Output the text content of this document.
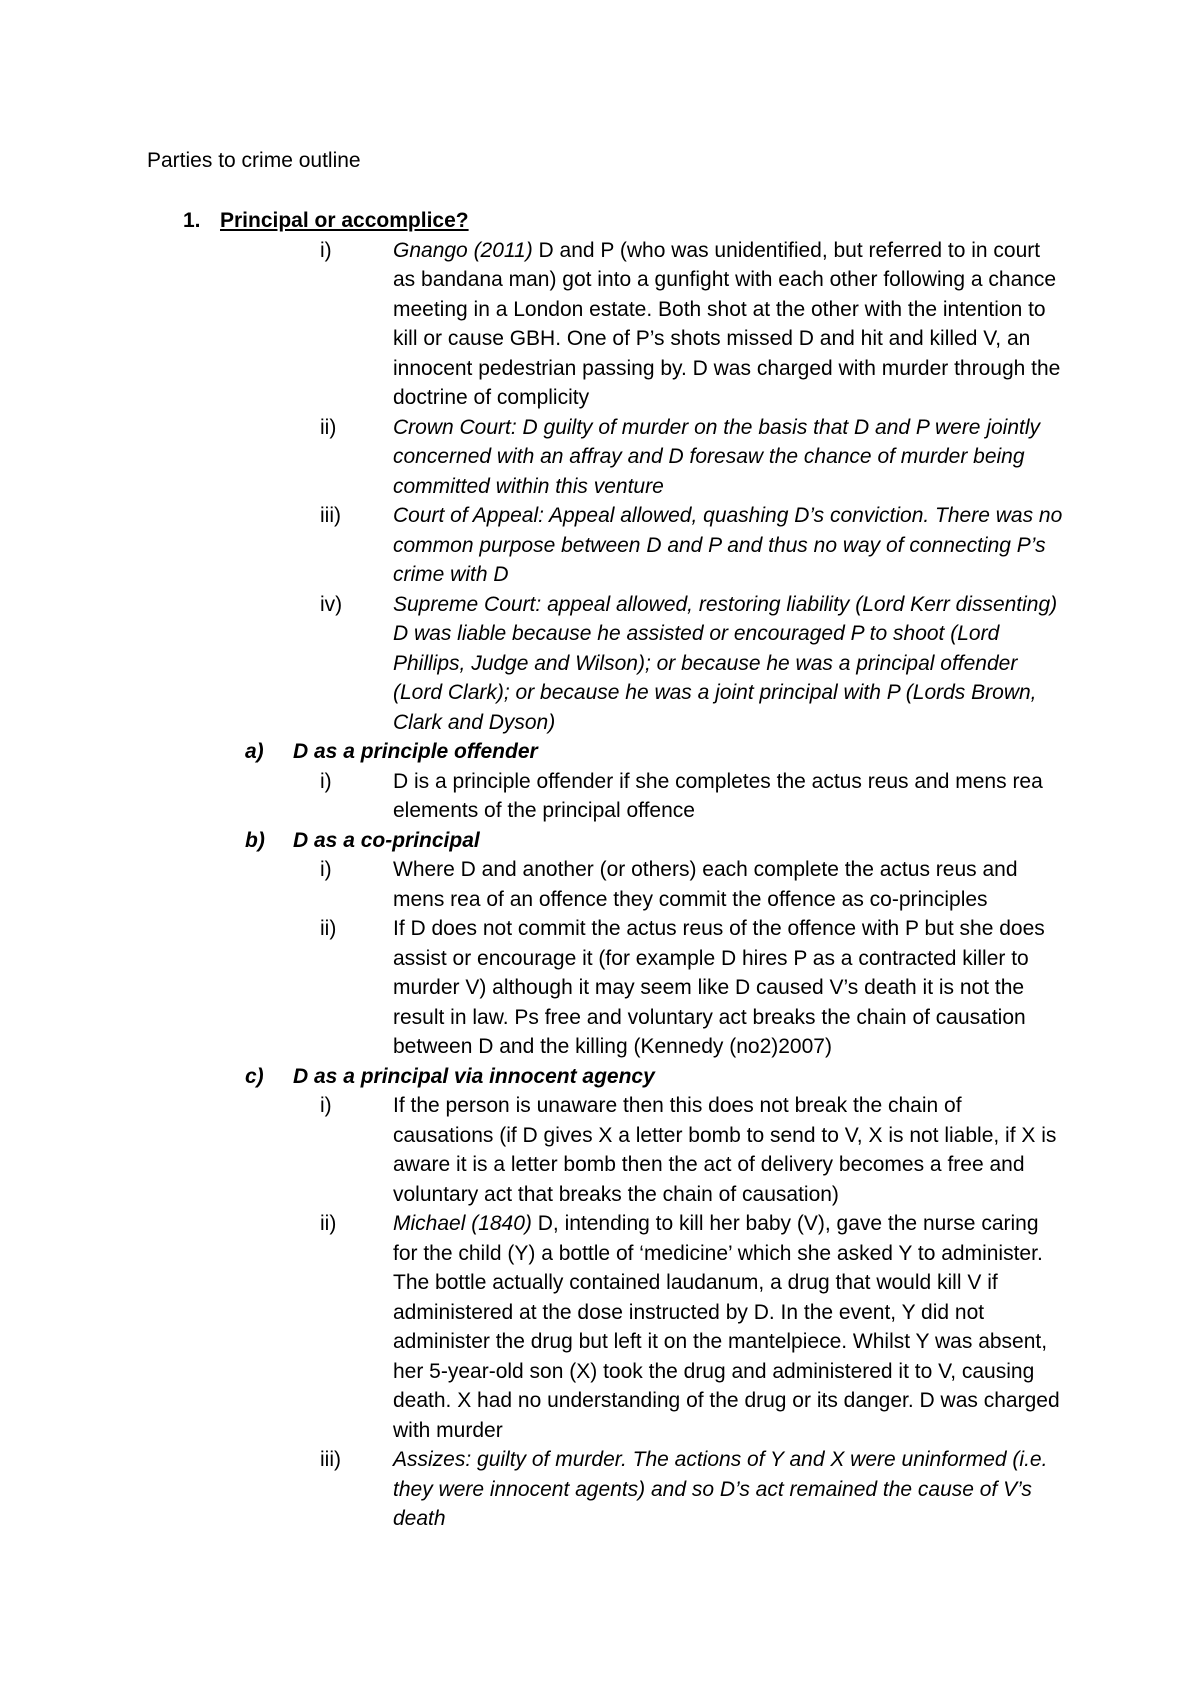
Parties to crime outline

1. Principal or accomplice?
i)	Gnango (2011) D and P (who was unidentified, but referred to in court as bandana man) got into a gunfight with each other following a chance meeting in a London estate. Both shot at the other with the intention to kill or cause GBH. One of P’s shots missed D and hit and killed V, an innocent pedestrian passing by. D was charged with murder through the doctrine of complicity
ii)	Crown Court: D guilty of murder on the basis that D and P were jointly concerned with an affray and D foresaw the chance of murder being committed within this venture
iii) Court of Appeal: Appeal allowed, quashing D’s conviction. There was no common purpose between D and P and thus no way of connecting P’s crime with D
iv) Supreme Court: appeal allowed, restoring liability (Lord Kerr dissenting) D was liable because he assisted or encouraged P to shoot (Lord Phillips, Judge and Wilson); or because he was a principal offender (Lord Clark); or because he was a joint principal with P (Lords Brown, Clark and Dyson)
a) D as a principle offender
i)	D is a principle offender if she completes the actus reus and mens rea elements of the principal offence
b) D as a co-principal
i)	Where D and another (or others) each complete the actus reus and mens rea of an offence they commit the offence as co-principles
ii)	If D does not commit the actus reus of the offence with P but she does assist or encourage it (for example D hires P as a contracted killer to murder V) although it may seem like D caused V’s death it is not the result in law. Ps free and voluntary act breaks the chain of causation between D and the killing (Kennedy (no2)2007)
c) D as a principal via innocent agency
i)	If the person is unaware then this does not break the chain of causations (if D gives X a letter bomb to send to V, X is not liable, if X is aware it is a letter bomb then the act of delivery becomes a free and voluntary act that breaks the chain of causation)
ii)	Michael (1840) D, intending to kill her baby (V), gave the nurse caring for the child (Y) a bottle of ‘medicine’ which she asked Y to administer. The bottle actually contained laudanum, a drug that would kill V if administered at the dose instructed by D. In the event, Y did not administer the drug but left it on the mantelpiece. Whilst Y was absent, her 5-year-old son (X) took the drug and administered it to V, causing death. X had no understanding of the drug or its danger. D was charged with murder
iii) Assizes: guilty of murder. The actions of Y and X were uninformed (i.e. they were innocent agents) and so D’s act remained the cause of V’s death
